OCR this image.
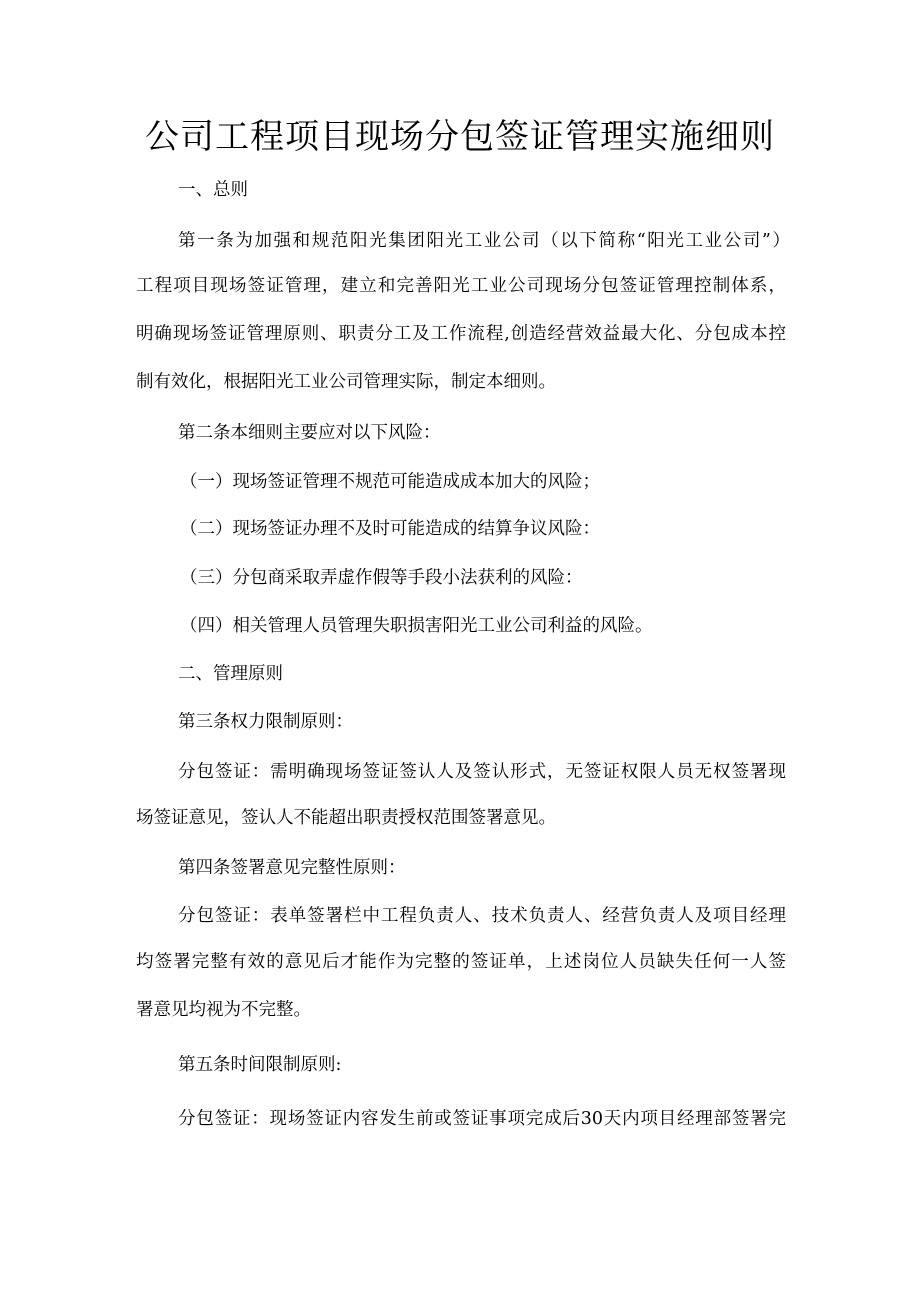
公司工程项目现场分包签证管理实施细则

一、总则

第一条为加强和规范阳光集团阳光工业公司（以下简称“阳光工业公司”）

工程项目现场签证管理，建立和完善阳光工业公司现场分包签证管理控制体系，

明确现场签证管理原则、职责分工及工作流程,创造经营效益最大化、分包成本控

制有效化，根据阳光工业公司管理实际，制定本细则。

第二条本细则主要应对以下风险：

（一）现场签证管理不规范可能造成成本加大的风险；

（二）现场签证办理不及时可能造成的结算争议风险：

（三）分包商采取弄虚作假等手段小法获利的风险：

（四）相关管理人员管理失职损害阳光工业公司利益的风险。

二、管理原则

第三条权力限制原则：

分包签证：需明确现场签证签认人及签认形式，无签证权限人员无权签署现

场签证意见，签认人不能超出职责授权范围签署意见。

第四条签署意见完整性原则：

分包签证：表单签署栏中工程负责人、技术负责人、经营负责人及项目经理

均签署完整有效的意见后才能作为完整的签证单，上述岗位人员缺失任何一人签

署意见均视为不完整。

第五条时间限制原则:

分包签证：现场签证内容发生前或签证事项完成后30天内项目经理部签署完
